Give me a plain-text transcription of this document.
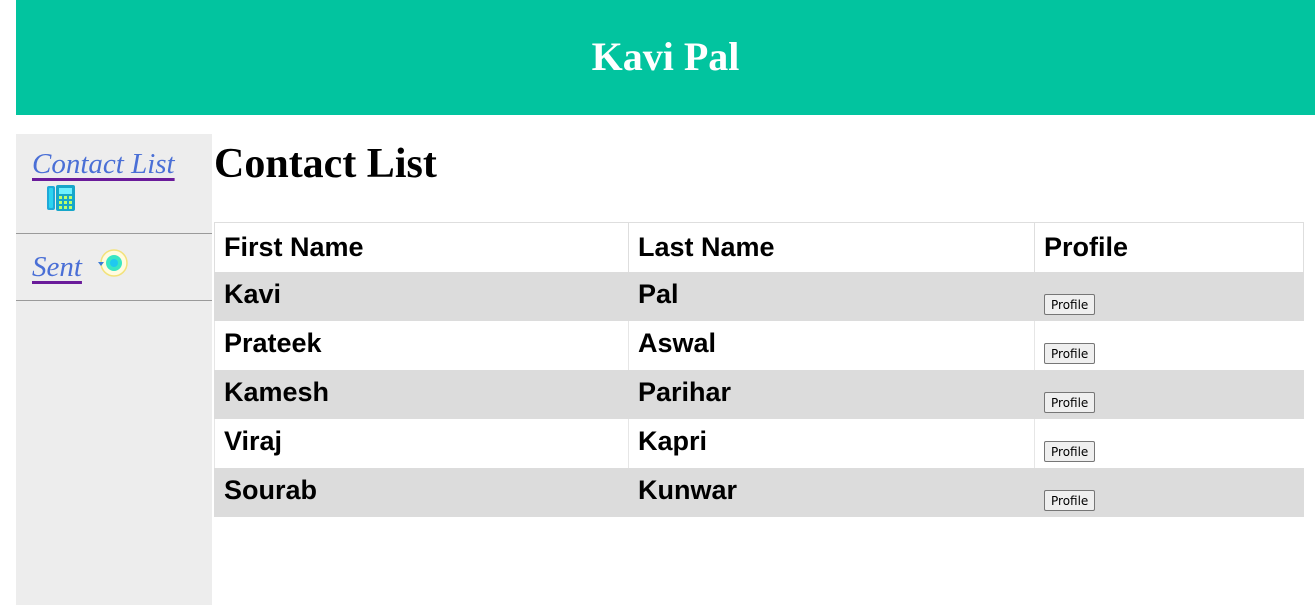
Kavi Pal
Contact List
Sent
Contact List
First Name	Last Name	Profile
Kavi	Pal	Profile
Prateek	Aswal	Profile
Kamesh	Parihar	Profile
Viraj	Kapri	Profile
Sourab	Kunwar	Profile
